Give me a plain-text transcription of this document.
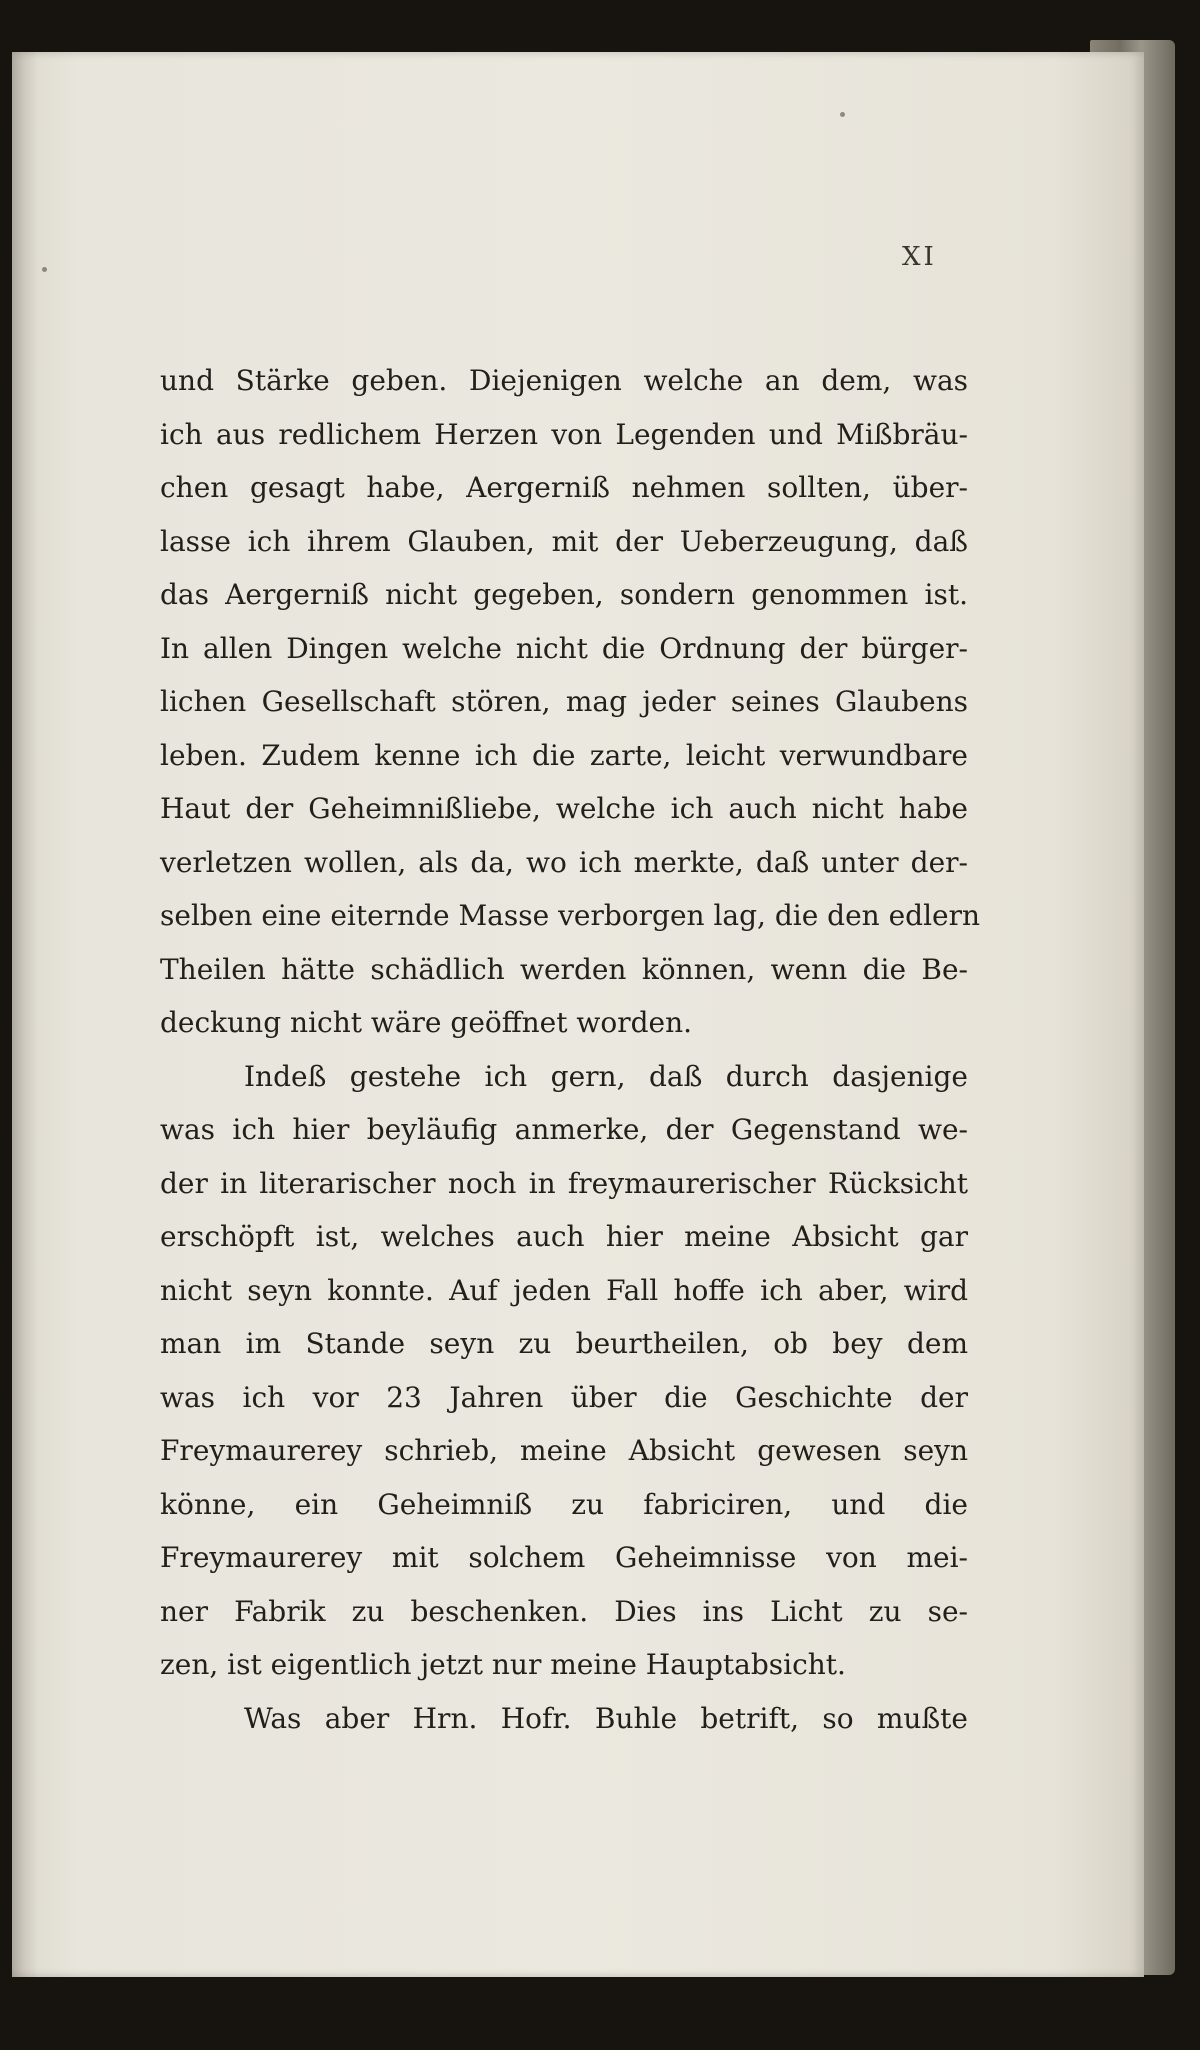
XI
und Stärke geben. Diejenigen welche an dem, was
ich aus redlichem Herzen von Legenden und Mißbräu-
chen gesagt habe, Aergerniß nehmen sollten, über-
lasse ich ihrem Glauben, mit der Ueberzeugung, daß
das Aergerniß nicht gegeben, sondern genommen ist.
In allen Dingen welche nicht die Ordnung der bürger-
lichen Gesellschaft stören, mag jeder seines Glaubens
leben. Zudem kenne ich die zarte, leicht verwundbare
Haut der Geheimnißliebe, welche ich auch nicht habe
verletzen wollen, als da, wo ich merkte, daß unter der-
selben eine eiternde Masse verborgen lag, die den edlern
Theilen hätte schädlich werden können, wenn die Be-
deckung nicht wäre geöffnet worden.
Indeß gestehe ich gern, daß durch dasjenige
was ich hier beyläufig anmerke, der Gegenstand we-
der in literarischer noch in freymaurerischer Rücksicht
erschöpft ist, welches auch hier meine Absicht gar
nicht seyn konnte. Auf jeden Fall hoffe ich aber, wird
man im Stande seyn zu beurtheilen, ob bey dem
was ich vor 23 Jahren über die Geschichte der
Freymaurerey schrieb, meine Absicht gewesen seyn
könne, ein Geheimniß zu fabriciren, und die
Freymaurerey mit solchem Geheimnisse von mei-
ner Fabrik zu beschenken. Dies ins Licht zu se-
zen, ist eigentlich jetzt nur meine Hauptabsicht.
Was aber Hrn. Hofr. Buhle betrift, so mußte
